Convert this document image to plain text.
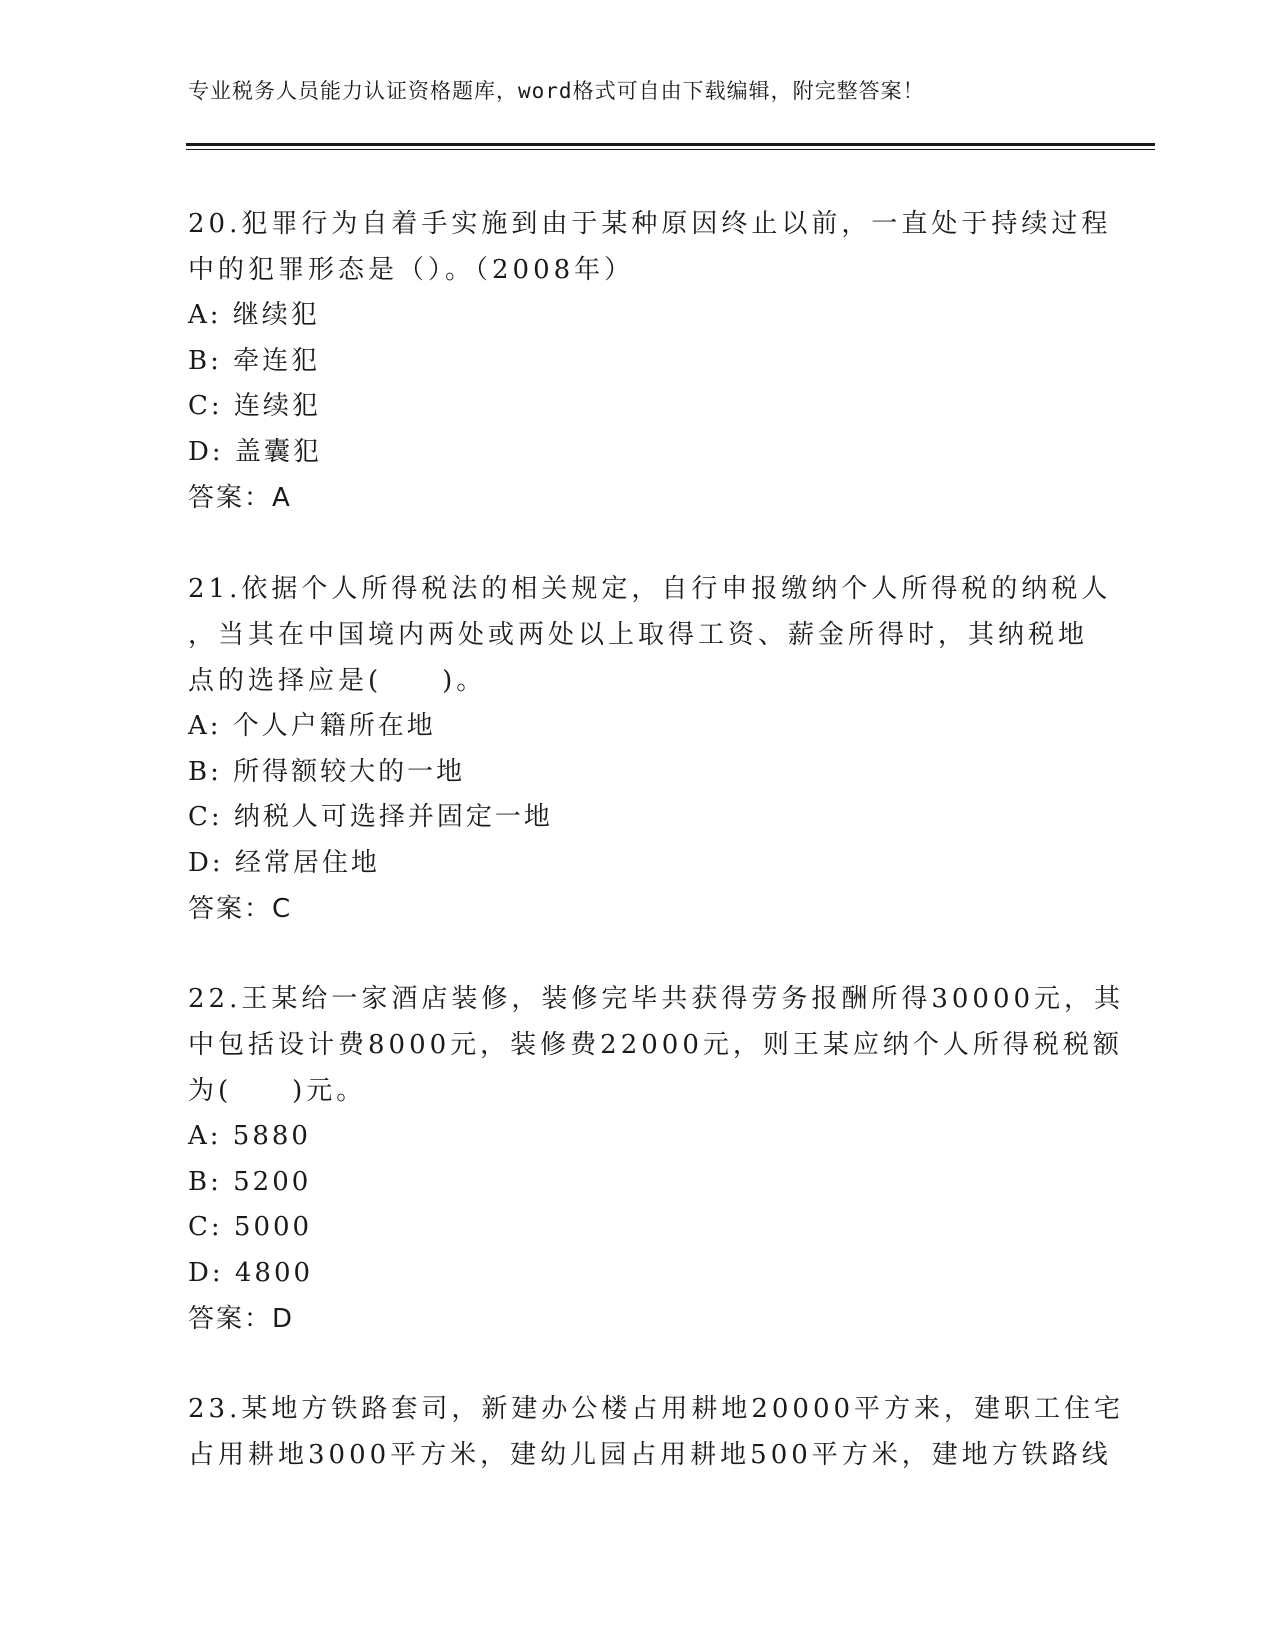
专业税务人员能力认证资格题库，word格式可自由下载编辑，附完整答案！
20.犯罪行为自着手实施到由于某种原因终止以前，一直处于持续过程
中的犯罪形态是（）。（2008年）
A: 继续犯
B: 牵连犯
C: 连续犯
D: 盖囊犯
答案：A
21.依据个人所得税法的相关规定，自行申报缴纳个人所得税的纳税人
，当其在中国境内两处或两处以上取得工资、薪金所得时，其纳税地
点的选择应是(　　)。
A: 个人户籍所在地
B: 所得额较大的一地
C: 纳税人可选择并固定一地
D: 经常居住地
答案：C
22.王某给一家酒店装修，装修完毕共获得劳务报酬所得30000元，其
中包括设计费8000元，装修费22000元，则王某应纳个人所得税税额
为(　　)元。
A: 5880
B: 5200
C: 5000
D: 4800
答案：D
23.某地方铁路套司，新建办公楼占用耕地20000平方来，建职工住宅
占用耕地3000平方米，建幼儿园占用耕地500平方米，建地方铁路线
